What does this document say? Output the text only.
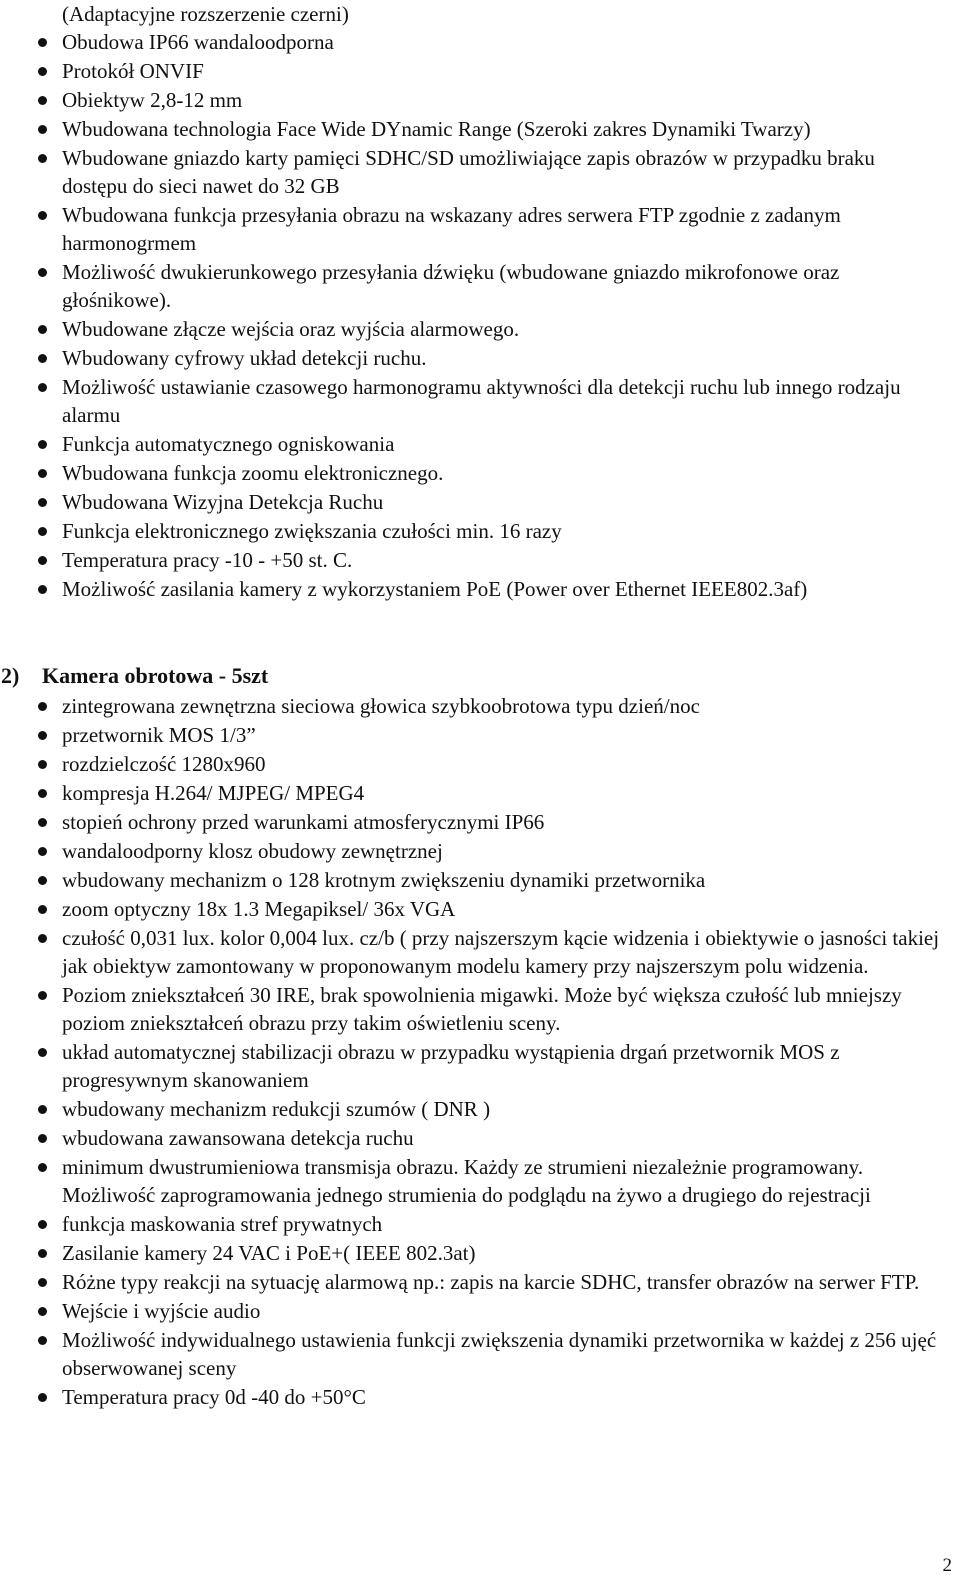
(Adaptacyjne rozszerzenie czerni)
Obudowa IP66 wandaloodporna
Protokół ONVIF
Obiektyw 2,8-12 mm
Wbudowana technologia Face Wide DYnamic Range (Szeroki zakres Dynamiki Twarzy)
Wbudowane gniazdo karty pamięci SDHC/SD umożliwiające zapis obrazów w przypadku braku dostępu do sieci nawet do 32 GB
Wbudowana funkcja przesyłania obrazu na wskazany adres serwera FTP zgodnie z zadanym harmonogrmem
Możliwość dwukierunkowego przesyłania dźwięku (wbudowane gniazdo mikrofonowe oraz głośnikowe).
Wbudowane złącze wejścia oraz wyjścia alarmowego.
Wbudowany cyfrowy układ detekcji ruchu.
Możliwość ustawianie czasowego harmonogramu aktywności dla detekcji ruchu lub innego rodzaju alarmu
Funkcja automatycznego ogniskowania
Wbudowana funkcja zoomu elektronicznego.
Wbudowana Wizyjna Detekcja Ruchu
Funkcja elektronicznego zwiększania czułości min. 16 razy
Temperatura pracy -10 - +50 st. C.
Możliwość zasilania kamery z wykorzystaniem PoE (Power over Ethernet IEEE802.3af)
2) Kamera obrotowa - 5szt
zintegrowana zewnętrzna sieciowa głowica szybkoobrotowa typu dzień/noc
przetwornik MOS 1/3”
rozdzielczość 1280x960
kompresja H.264/ MJPEG/ MPEG4
stopień ochrony przed warunkami atmosferycznymi IP66
wandaloodporny klosz obudowy zewnętrznej
wbudowany mechanizm o 128 krotnym zwiększeniu dynamiki przetwornika
zoom optyczny 18x 1.3 Megapiksel/ 36x VGA
czułość 0,031 lux. kolor 0,004 lux. cz/b ( przy najszerszym kącie widzenia i obiektywie o jasności takiej jak obiektyw zamontowany w proponowanym modelu kamery przy najszerszym polu widzenia.
Poziom zniekształceń 30 IRE, brak spowolnienia migawki. Może być większa czułość lub mniejszy poziom zniekształceń obrazu przy takim oświetleniu sceny.
układ automatycznej stabilizacji obrazu w przypadku wystąpienia drgań przetwornik MOS z progresywnym skanowaniem
wbudowany mechanizm redukcji szumów ( DNR )
wbudowana zawansowana detekcja ruchu
minimum dwustrumieniowa transmisja obrazu. Każdy ze strumieni niezależnie programowany. Możliwość zaprogramowania jednego strumienia do podglądu na żywo a drugiego do rejestracji
funkcja maskowania stref prywatnych
Zasilanie kamery 24 VAC i PoE+( IEEE 802.3at)
Różne typy reakcji na sytuację alarmową np.: zapis na karcie SDHC, transfer obrazów na serwer FTP.
Wejście i wyjście audio
Możliwość indywidualnego ustawienia funkcji zwiększenia dynamiki przetwornika w każdej z 256 ujęć obserwowanej sceny
Temperatura pracy 0d -40 do +50°C
2
